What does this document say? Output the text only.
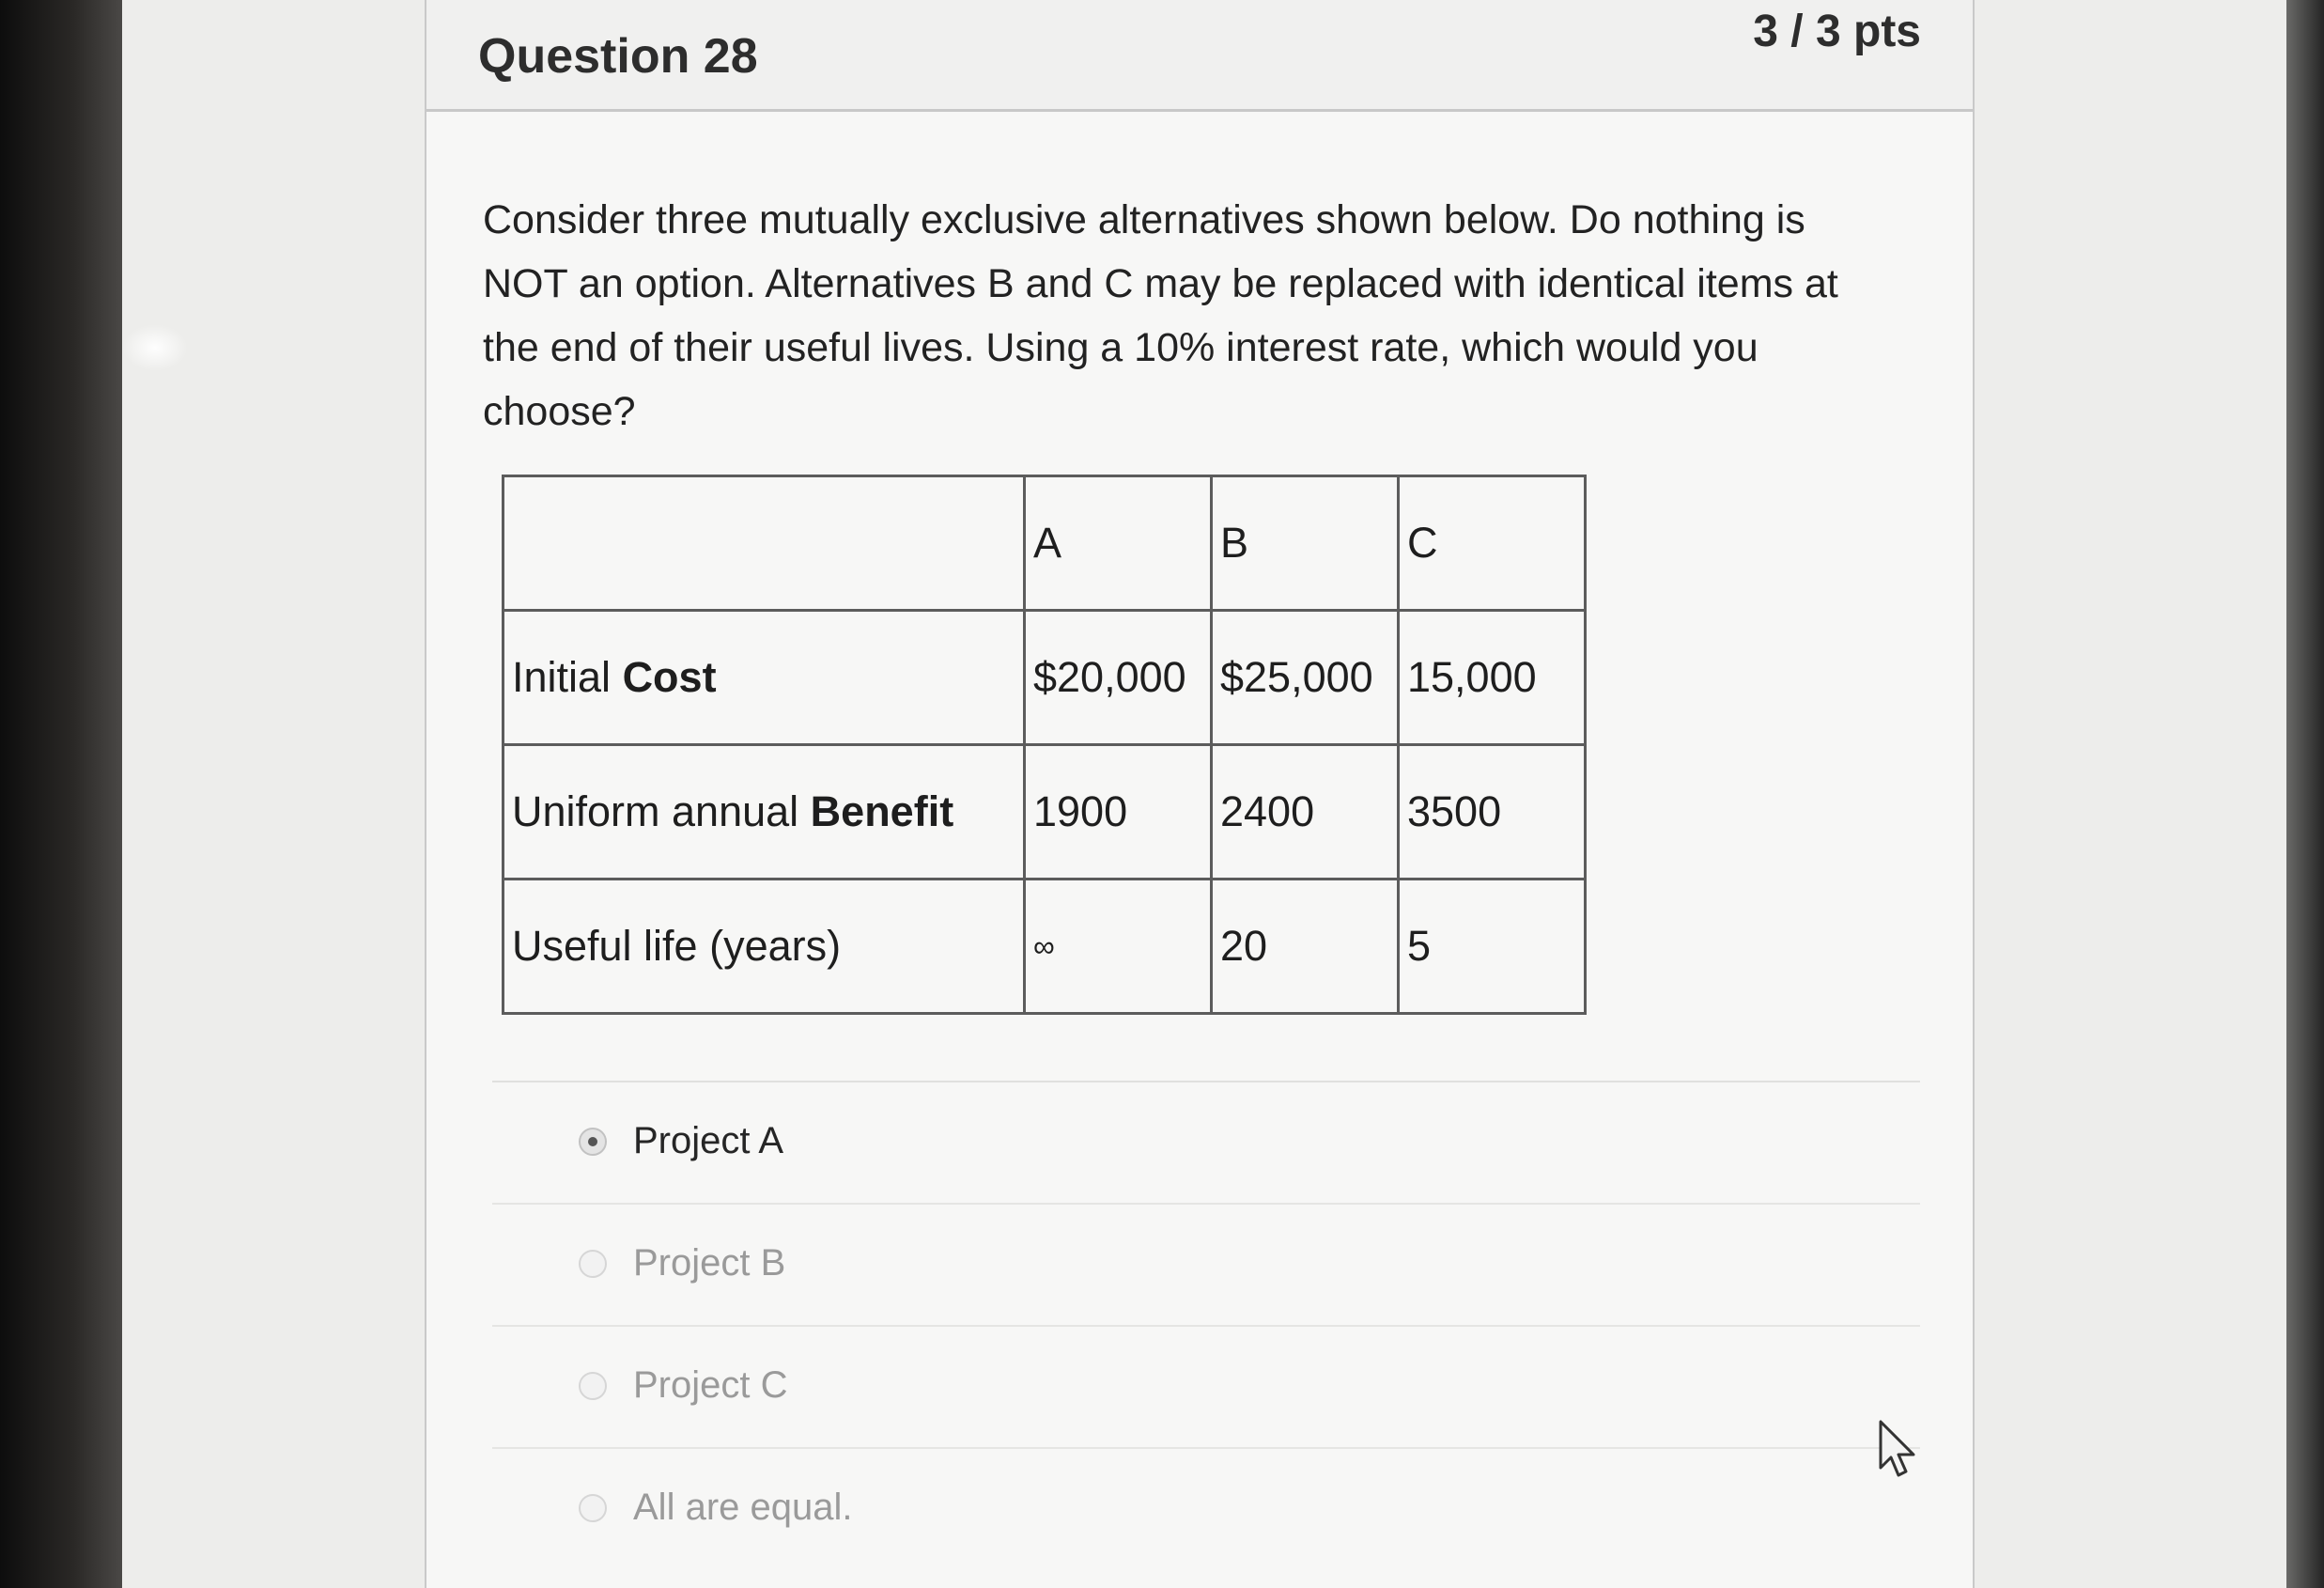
Question 28	3 / 3 pts
Consider three mutually exclusive alternatives shown below. Do nothing is NOT an option. Alternatives B and C may be replaced with identical items at the end of their useful lives. Using a 10% interest rate, which would you choose?
	A	B	C
Initial Cost	$20,000	$25,000	15,000
Uniform annual Benefit	1900	2400	3500
Useful life (years)	∞	20	5
Project A
Project B
Project C
All are equal.
